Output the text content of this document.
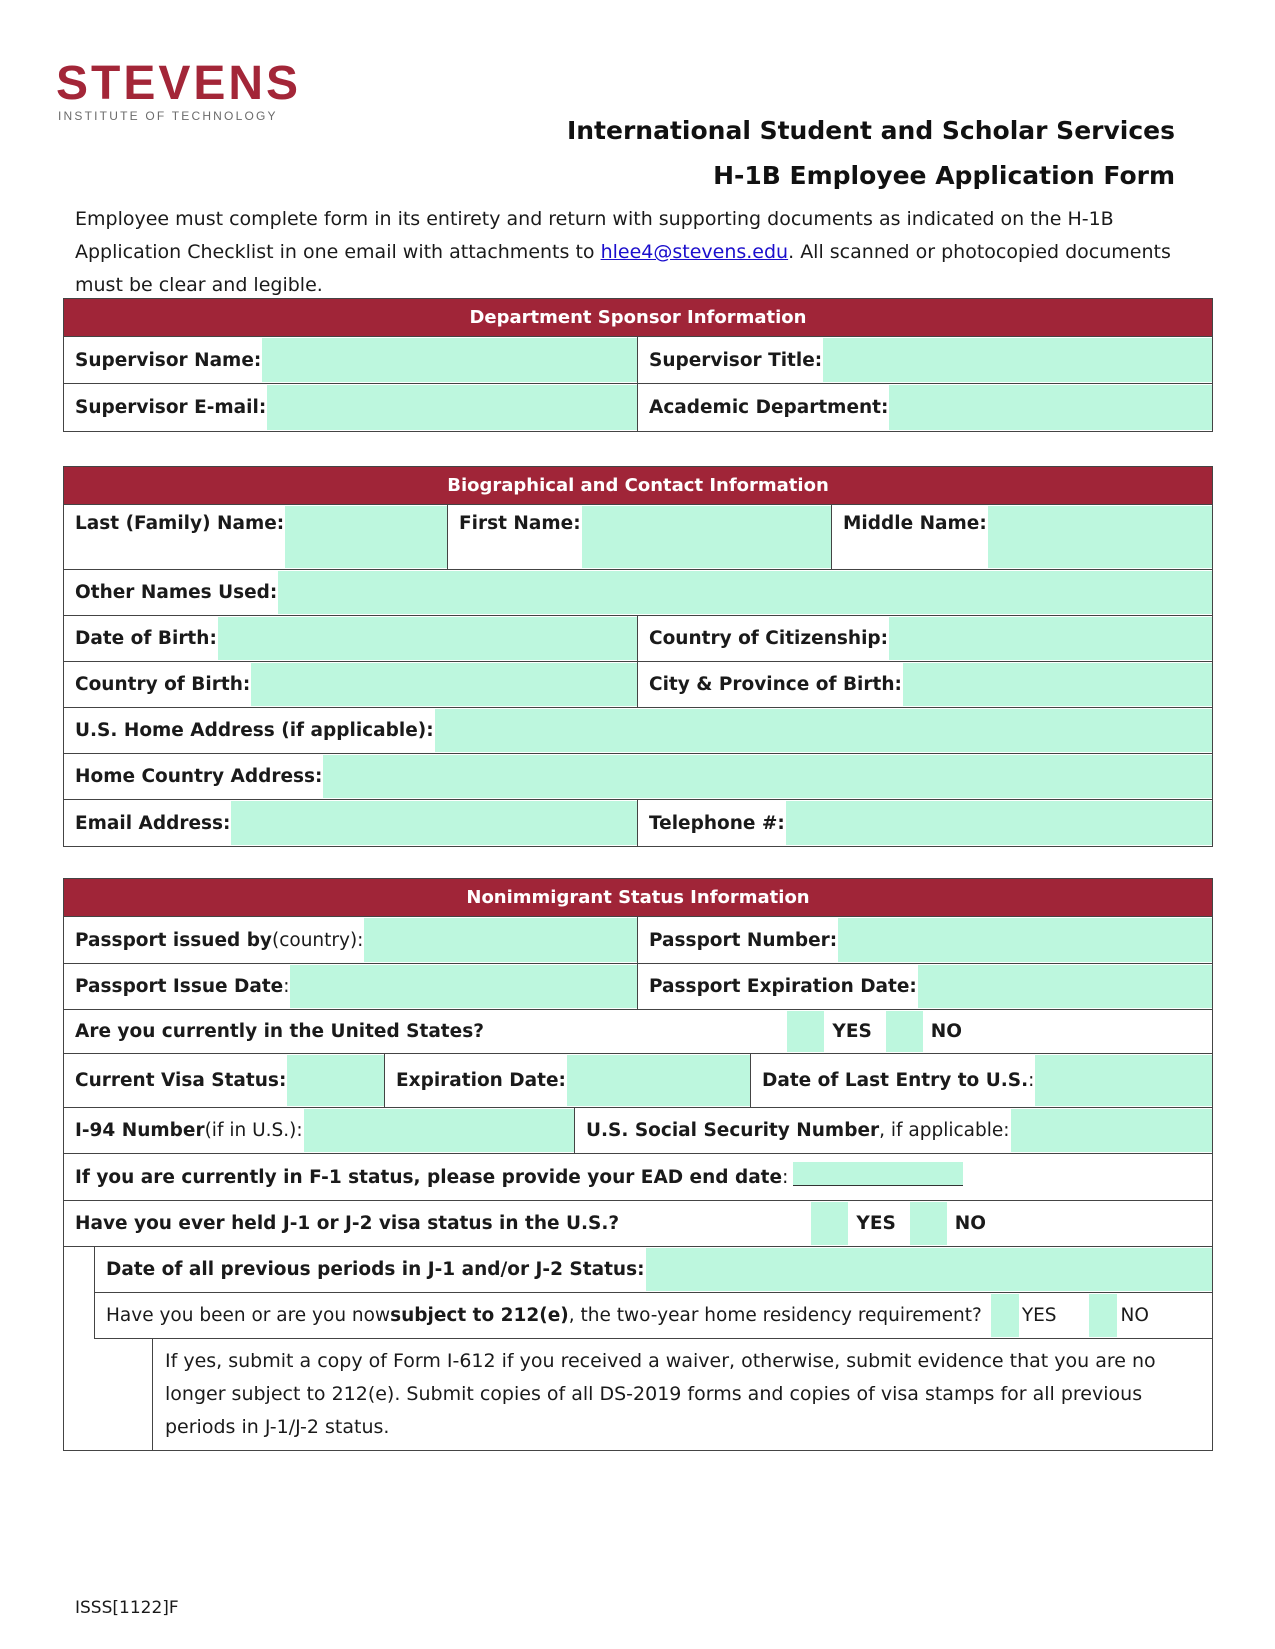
STEVENS
INSTITUTE OF TECHNOLOGY	International Student and Scholar Services
H-1B Employee Application Form
Employee must complete form in its entirety and return with supporting documents as indicated on the H-1B Application Checklist in one email with attachments to hlee4@stevens.edu. All scanned or photocopied documents must be clear and legible.
Department Sponsor Information
Supervisor Name:	Supervisor Title:
Supervisor E-mail:	Academic Department:
Biographical and Contact Information
Last (Family) Name:	First Name:	Middle Name:
Other Names Used:
Date of Birth:	Country of Citizenship:
Country of Birth:	City & Province of Birth:
U.S. Home Address (if applicable):
Home Country Address:
Email Address:	Telephone #:
Nonimmigrant Status Information
Passport issued by (country):	Passport Number:
Passport Issue Date :	Passport Expiration Date:
Are you currently in the United States?	YES	NO
Current Visa Status:	Expiration Date:	Date of Last Entry to U.S. :
I-94 Number (if in U.S.):	U.S. Social Security Number , if applicable:
If you are currently in F-1 status, please provide your EAD end date :
Have you ever held J-1 or J-2 visa status in the U.S.?	YES	NO
Date of all previous periods in J-1 and/or J-2 Status:
Have you been or are you now subject to 212(e) , the two-year home residency requirement? YES	NO
If yes, submit a copy of Form I-612 if you received a waiver, otherwise, submit evidence that you are no longer subject to 212(e). Submit copies of all DS-2019 forms and copies of visa stamps for all previous periods in J-1/J-2 status.
ISSS[1122]F
